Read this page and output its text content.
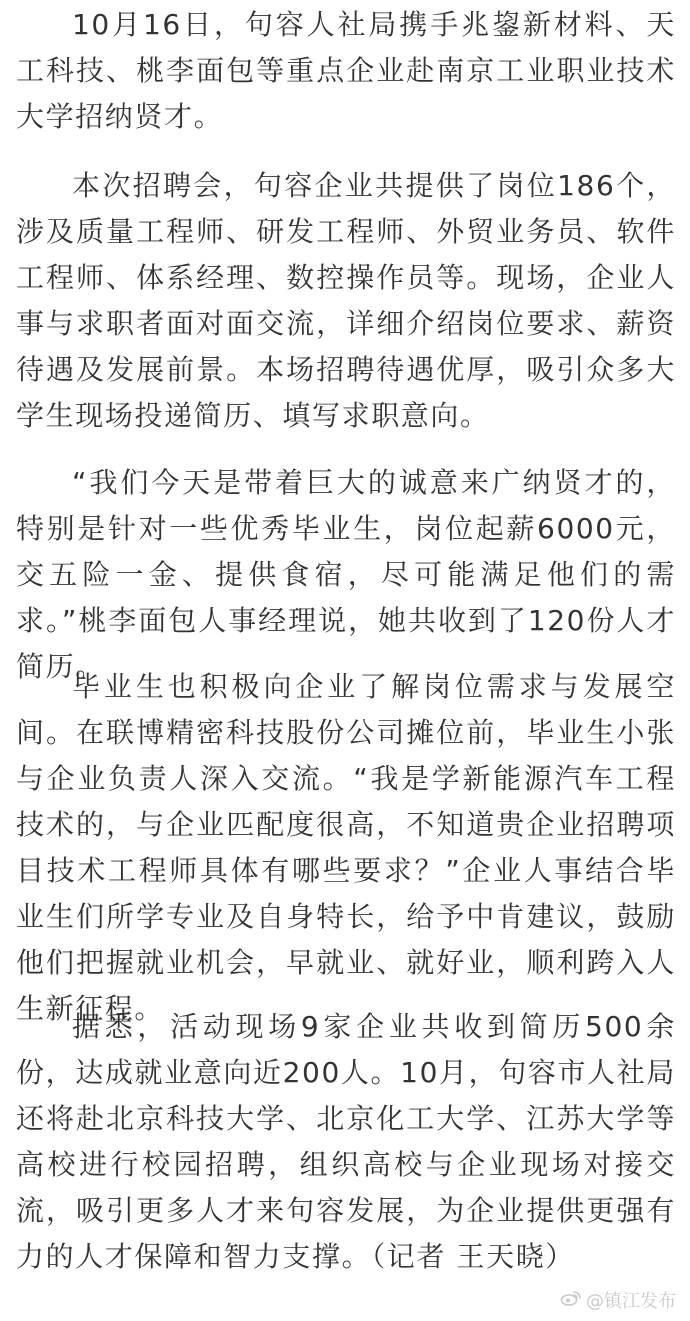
10月16日，句容人社局携手兆鋆新材料、天工科技、桃李面包等重点企业赴南京工业职业技术大学招纳贤才。

本次招聘会，句容企业共提供了岗位186个，涉及质量工程师、研发工程师、外贸业务员、软件工程师、体系经理、数控操作员等。现场，企业人事与求职者面对面交流，详细介绍岗位要求、薪资待遇及发展前景。本场招聘待遇优厚，吸引众多大学生现场投递简历、填写求职意向。

“我们今天是带着巨大的诚意来广纳贤才的，特别是针对一些优秀毕业生，岗位起薪6000元，交五险一金、提供食宿，尽可能满足他们的需求。”桃李面包人事经理说，她共收到了120份人才简历。

毕业生也积极向企业了解岗位需求与发展空间。在联博精密科技股份公司摊位前，毕业生小张与企业负责人深入交流。“我是学新能源汽车工程技术的，与企业匹配度很高，不知道贵企业招聘项目技术工程师具体有哪些要求？”企业人事结合毕业生们所学专业及自身特长，给予中肯建议，鼓励他们把握就业机会，早就业、就好业，顺利跨入人生新征程。

据悉，活动现场9家企业共收到简历500余份，达成就业意向近200人。10月，句容市人社局还将赴北京科技大学、北京化工大学、江苏大学等高校进行校园招聘，组织高校与企业现场对接交流，吸引更多人才来句容发展，为企业提供更强有力的人才保障和智力支撑。（记者 王天晓）

@镇江发布
